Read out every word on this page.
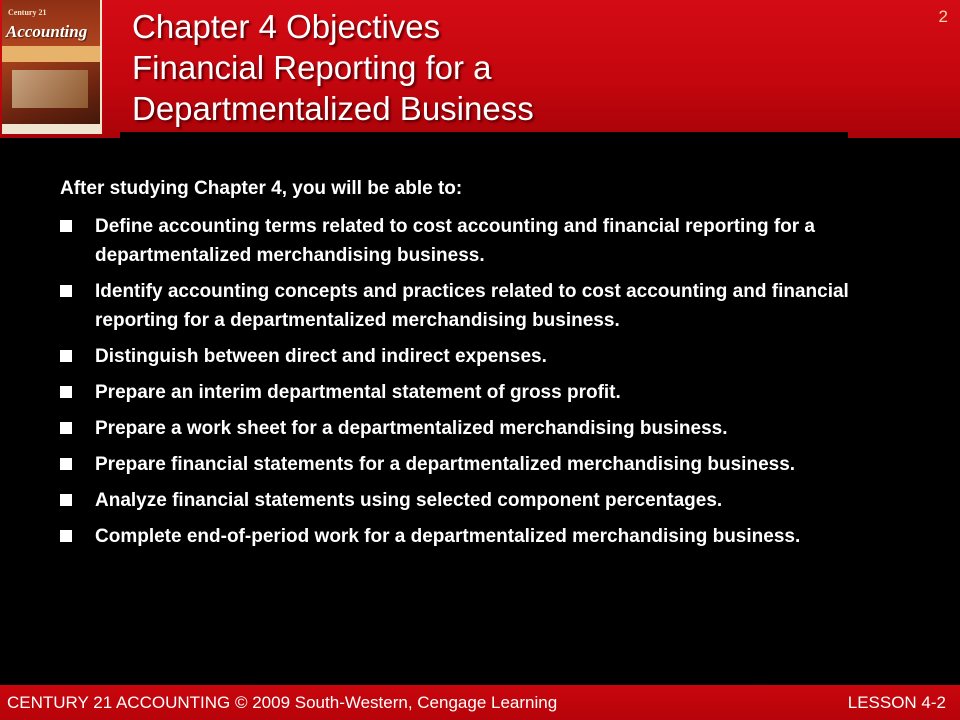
Century 21
Accounting Chapter 4 Objectives
Financial Reporting for a
Departmentalized Business
2

After studying Chapter 4, you will be able to:

Define accounting terms related to cost accounting and financial reporting for a departmentalized merchandising business.
Identify accounting concepts and practices related to cost accounting and financial reporting for a departmentalized merchandising business.
Distinguish between direct and indirect expenses.
Prepare an interim departmental statement of gross profit.
Prepare a work sheet for a departmentalized merchandising business.
Prepare financial statements for a departmentalized merchandising business.
Analyze financial statements using selected component percentages.
Complete end-of-period work for a departmentalized merchandising business.
CENTURY 21 ACCOUNTING © 2009 South-Western, Cengage Learning	LESSON 4-2
